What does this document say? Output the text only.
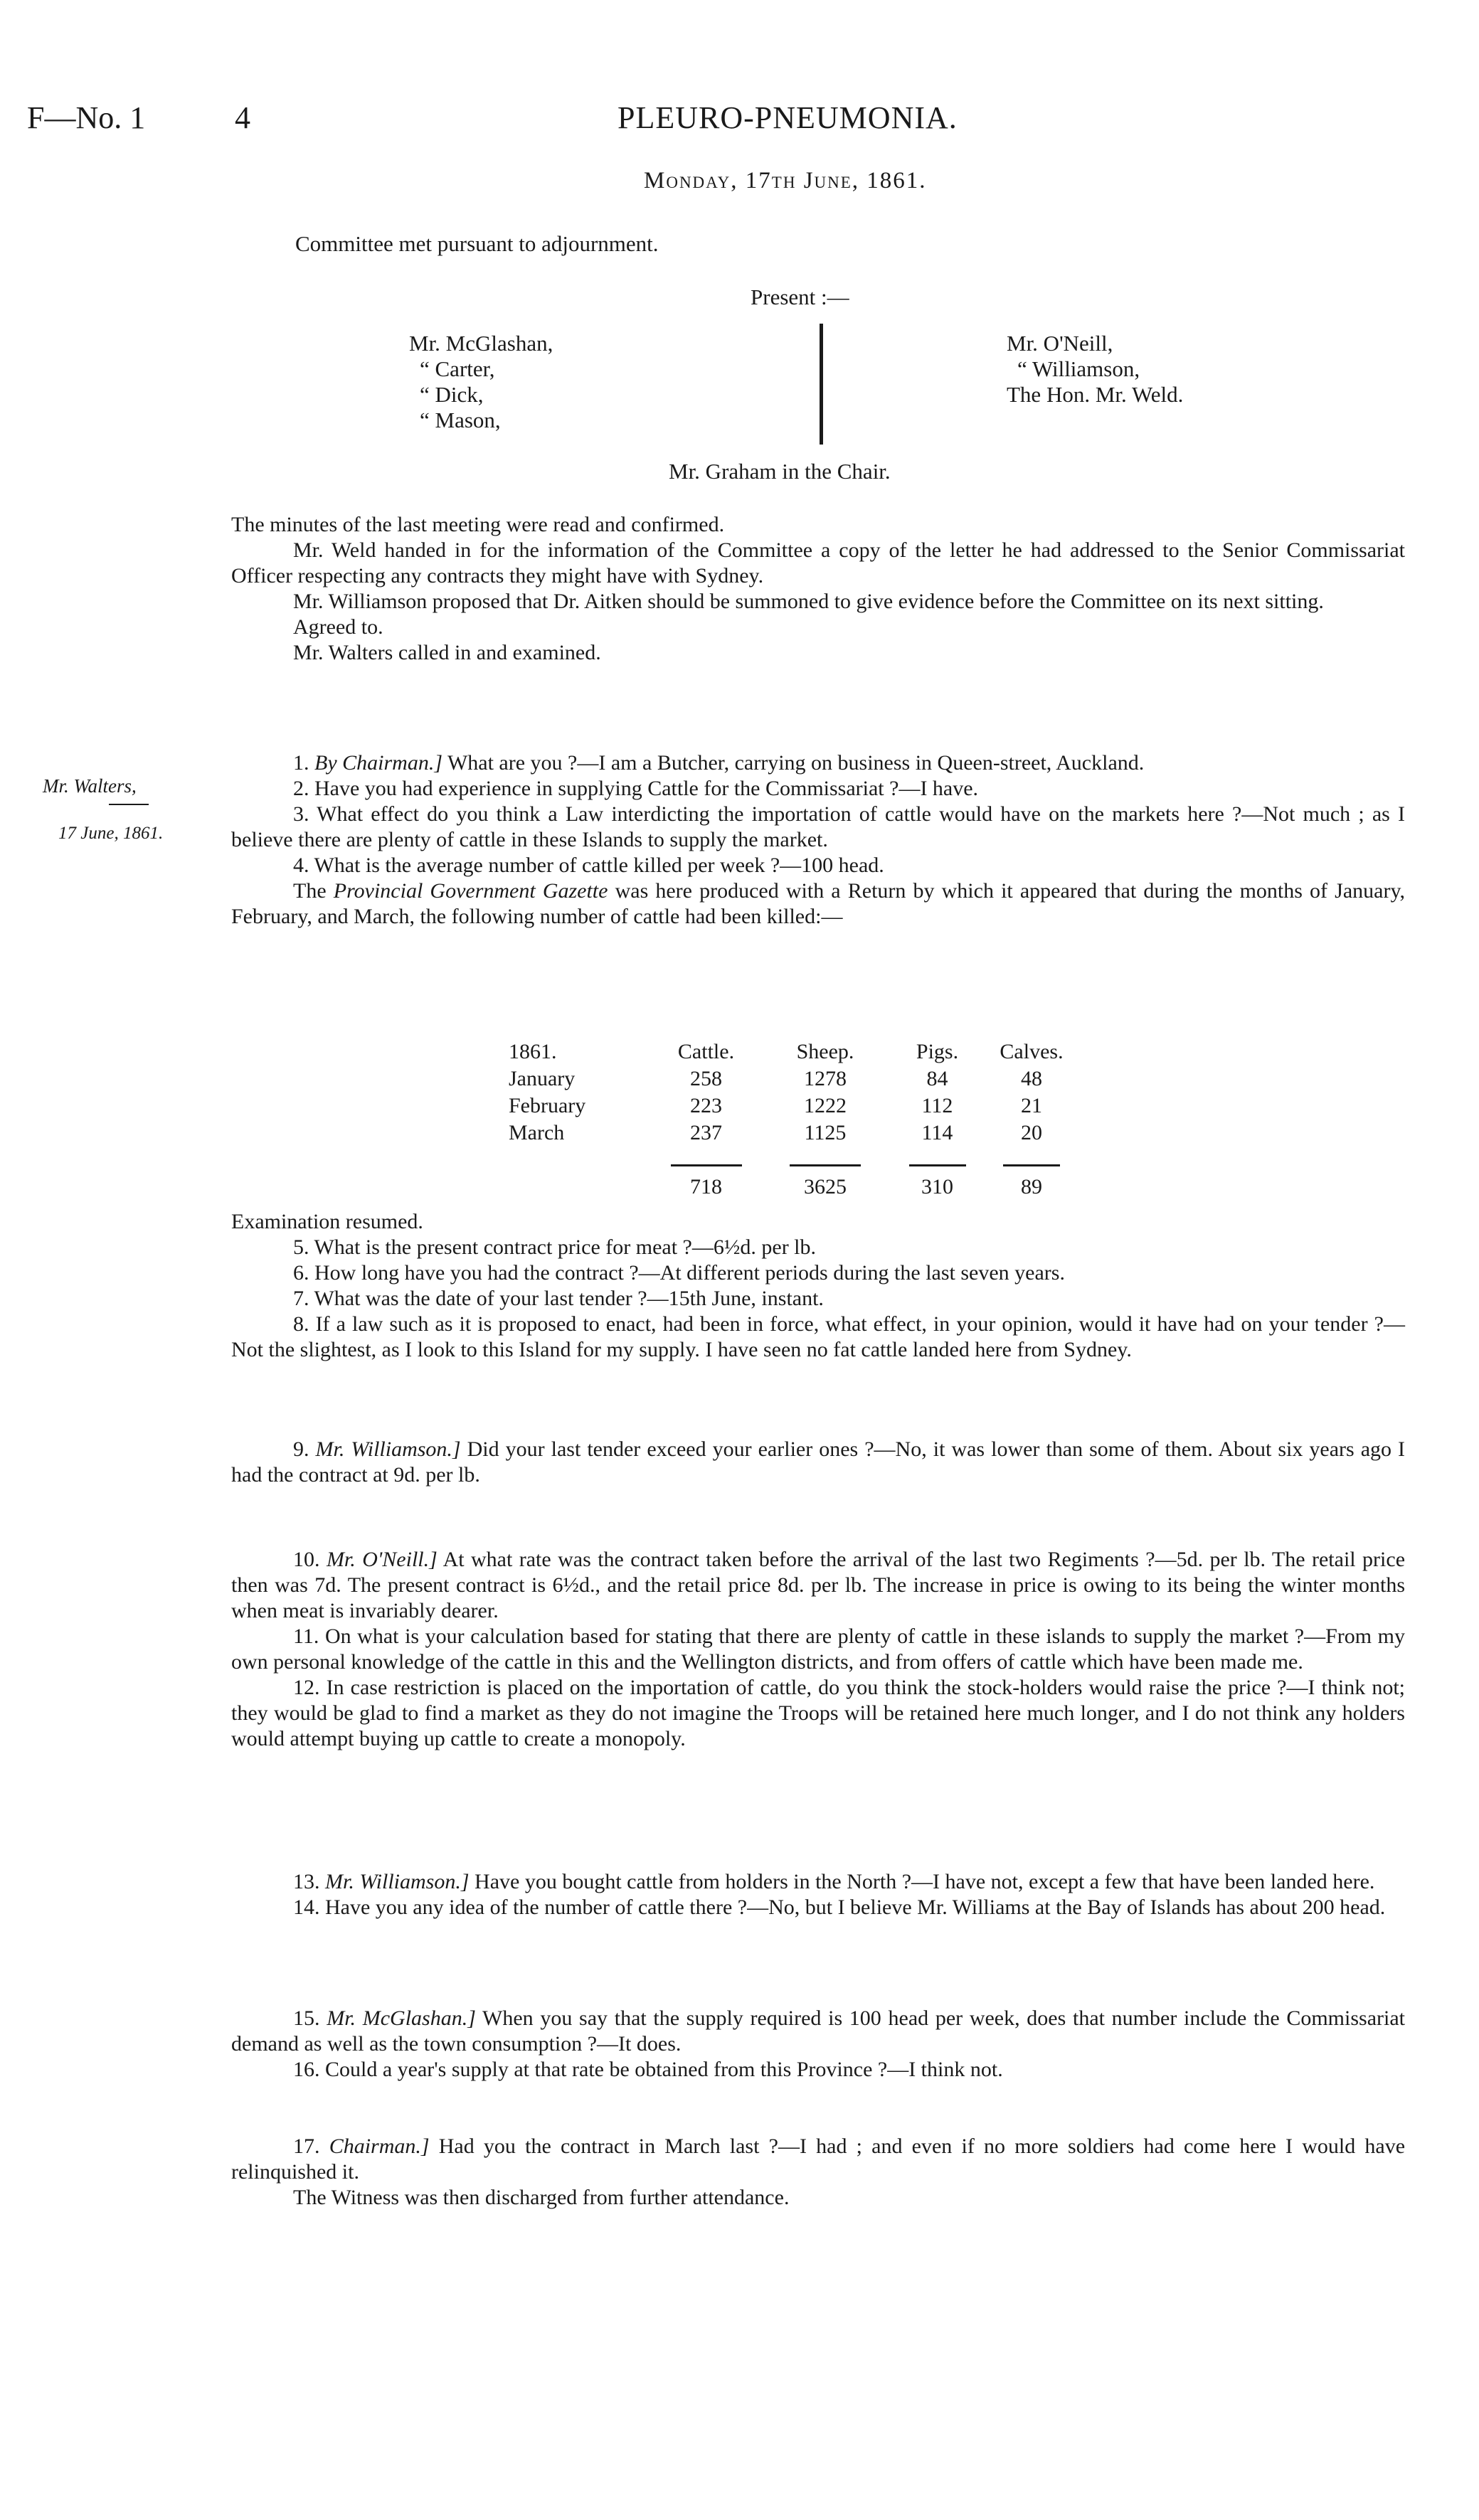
F—No. 1	4	PLEURO-PNEUMONIA.
Monday, 17th June, 1861.
Committee met pursuant to adjournment.
Present :—
Mr. McGlashan,
“ Carter,
“ Dick,
“ Mason,
Mr. O'Neill,
“ Williamson,
The Hon. Mr. Weld.
Mr. Graham in the Chair.
Mr. Walters,
17 June, 1861.

The minutes of the last meeting were read and confirmed.

Mr. Weld handed in for the information of the Committee a copy of the letter he had addressed to the Senior Commissariat Officer respecting any contracts they might have with Sydney.

Mr. Williamson proposed that Dr. Aitken should be summoned to give evidence before the Committee on its next sitting.

Agreed to.

Mr. Walters called in and examined.

1. By Chairman.] What are you ?—I am a Butcher, carrying on business in Queen-street, Auckland.

2. Have you had experience in supplying Cattle for the Commissariat ?—I have.

3. What effect do you think a Law interdicting the importation of cattle would have on the markets here ?—Not much ; as I believe there are plenty of cattle in these Islands to supply the market.

4. What is the average number of cattle killed per week ?—100 head.

The Provincial Government Gazette was here produced with a Return by which it appeared that during the months of January, February, and March, the following number of cattle had been killed:—

1861.	Cattle.	Sheep.	Pigs.	Calves.
January	258	1278	84	48
February	223	1222	112	21
March	237	1125	114	20

	718	3625	310	89

Examination resumed.

5. What is the present contract price for meat ?—6½d. per lb.

6. How long have you had the contract ?—At different periods during the last seven years.

7. What was the date of your last tender ?—15th June, instant.

8. If a law such as it is proposed to enact, had been in force, what effect, in your opinion, would it have had on your tender ?—Not the slightest, as I look to this Island for my supply. I have seen no fat cattle landed here from Sydney.

9. Mr. Williamson.] Did your last tender exceed your earlier ones ?—No, it was lower than some of them. About six years ago I had the contract at 9d. per lb.

10. Mr. O'Neill.] At what rate was the contract taken before the arrival of the last two Regiments ?—5d. per lb. The retail price then was 7d. The present contract is 6½d., and the retail price 8d. per lb. The increase in price is owing to its being the winter months when meat is invariably dearer.

11. On what is your calculation based for stating that there are plenty of cattle in these islands to supply the market ?—From my own personal knowledge of the cattle in this and the Wellington districts, and from offers of cattle which have been made me.

12. In case restriction is placed on the importation of cattle, do you think the stock-holders would raise the price ?—I think not; they would be glad to find a market as they do not imagine the Troops will be retained here much longer, and I do not think any holders would attempt buying up cattle to create a monopoly.

13. Mr. Williamson.] Have you bought cattle from holders in the North ?—I have not, except a few that have been landed here.

14. Have you any idea of the number of cattle there ?—No, but I believe Mr. Williams at the Bay of Islands has about 200 head.

15. Mr. McGlashan.] When you say that the supply required is 100 head per week, does that number include the Commissariat demand as well as the town consumption ?—It does.

16. Could a year's supply at that rate be obtained from this Province ?—I think not.

17. Chairman.] Had you the contract in March last ?—I had ; and even if no more soldiers had come here I would have relinquished it.

The Witness was then discharged from further attendance.
